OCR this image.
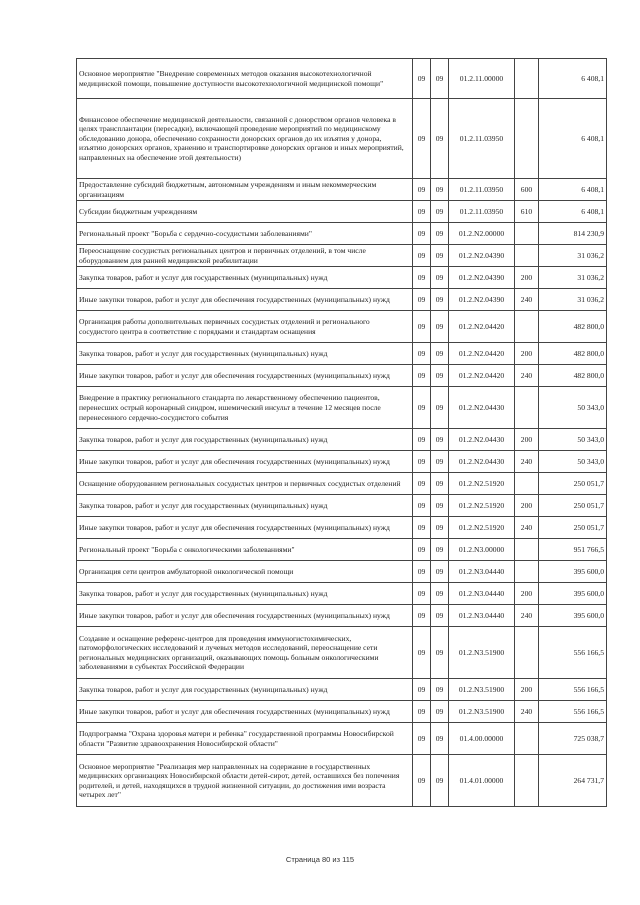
Основное мероприятие "Внедрение современных методов оказания высокотехнологичной медицинской помощи, повышение доступности высокотехнологичной медицинской помощи"	09	09	01.2.11.00000		6 408,1
Финансовое обеспечение медицинской деятельности, связанной с донорством органов человека в целях трансплантации (пересадки), включающей проведение мероприятий по медицинскому обследованию донора, обеспечению сохранности донорских органов до их изъятия у донора, изъятию донорских органов, хранению и транспортировке донорских органов и иных мероприятий, направленных на обеспечение этой деятельности)	09	09	01.2.11.03950		6 408,1
Предоставление субсидий бюджетным, автономным учреждениям и иным некоммерческим организациям	09	09	01.2.11.03950	600	6 408,1
Субсидии бюджетным учреждениям	09	09	01.2.11.03950	610	6 408,1
Региональный проект "Борьба с сердечно-сосудистыми заболеваниями"	09	09	01.2.N2.00000		814 230,9
Переоснащение сосудистых региональных центров и первичных отделений, в том числе оборудованием для ранней медицинской реабилитации	09	09	01.2.N2.04390		31 036,2
Закупка товаров, работ и услуг для государственных (муниципальных) нужд	09	09	01.2.N2.04390	200	31 036,2
Иные закупки товаров, работ и услуг для обеспечения государственных (муниципальных) нужд	09	09	01.2.N2.04390	240	31 036,2
Организация работы дополнительных первичных сосудистых отделений и регионального сосудистого центра в соответствие с порядками и стандартам оснащения	09	09	01.2.N2.04420		482 800,0
Закупка товаров, работ и услуг для государственных (муниципальных) нужд	09	09	01.2.N2.04420	200	482 800,0
Иные закупки товаров, работ и услуг для обеспечения государственных (муниципальных) нужд	09	09	01.2.N2.04420	240	482 800,0
Внедрение в практику регионального стандарта по лекарственному обеспечению пациентов, перенесших острый коронарный синдром, ишемический инсульт в течение 12 месяцев после перенесенного сердечно-сосудистого события	09	09	01.2.N2.04430		50 343,0
Закупка товаров, работ и услуг для государственных (муниципальных) нужд	09	09	01.2.N2.04430	200	50 343,0
Иные закупки товаров, работ и услуг для обеспечения государственных (муниципальных) нужд	09	09	01.2.N2.04430	240	50 343,0
Оснащение оборудованием региональных сосудистых центров и первичных сосудистых отделений	09	09	01.2.N2.51920		250 051,7
Закупка товаров, работ и услуг для государственных (муниципальных) нужд	09	09	01.2.N2.51920	200	250 051,7
Иные закупки товаров, работ и услуг для обеспечения государственных (муниципальных) нужд	09	09	01.2.N2.51920	240	250 051,7
Региональный проект "Борьба с онкологическими заболеваниями"	09	09	01.2.N3.00000		951 766,5
Организация сети центров амбулаторной онкологической помощи	09	09	01.2.N3.04440		395 600,0
Закупка товаров, работ и услуг для государственных (муниципальных) нужд	09	09	01.2.N3.04440	200	395 600,0
Иные закупки товаров, работ и услуг для обеспечения государственных (муниципальных) нужд	09	09	01.2.N3.04440	240	395 600,0
Создание и оснащение референс-центров для проведения иммуногистохимических, патоморфологических исследований и лучевых методов исследований, переоснащение сети региональных медицинских организаций, оказывающих помощь больным онкологическими заболеваниями в субъектах Российской Федерации	09	09	01.2.N3.51900		556 166,5
Закупка товаров, работ и услуг для государственных (муниципальных) нужд	09	09	01.2.N3.51900	200	556 166,5
Иные закупки товаров, работ и услуг для обеспечения государственных (муниципальных) нужд	09	09	01.2.N3.51900	240	556 166,5
Подпрограмма "Охрана здоровья матери и ребенка" государственной программы Новосибирской области "Развитие здравоохранения Новосибирской области"	09	09	01.4.00.00000		725 038,7
Основное мероприятие "Реализация мер направленных на содержание в государственных медицинских организациях Новосибирской области детей-сирот, детей, оставшихся без попечения родителей, и детей, находящихся в трудной жизненной ситуации, до достижения ими возраста четырех лет"	09	09	01.4.01.00000		264 731,7
Страница 80 из 115
